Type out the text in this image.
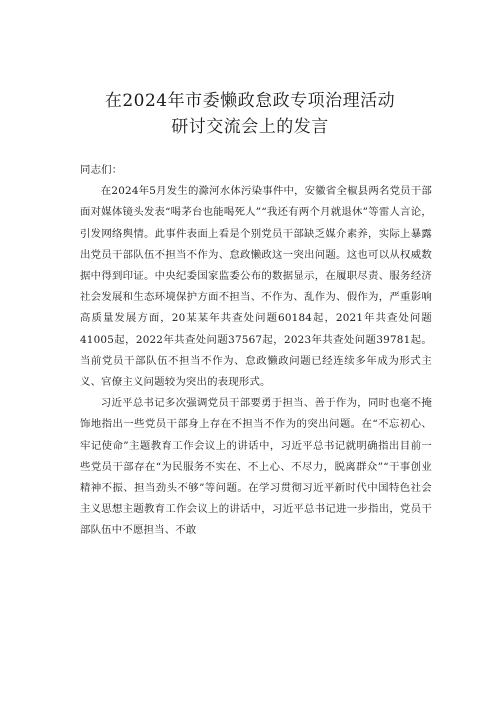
在2024年市委懒政怠政专项治理活动
研讨交流会上的发言

同志们：

在2024年5月发生的滁河水体污染事件中，安徽省全椒县两名党员干部面对媒体镜头发表“喝茅台也能喝死人”“我还有两个月就退休”等雷人言论，引发网络舆情。此事件表面上看是个别党员干部缺乏媒介素养，实际上暴露出党员干部队伍不担当不作为、怠政懒政这一突出问题。这也可以从权威数据中得到印证。中央纪委国家监委公布的数据显示，在履职尽责、服务经济社会发展和生态环境保护方面不担当、不作为、乱作为、假作为，严重影响高质量发展方面，20某某年共查处问题60184起，2021年共查处问题41005起，2022年共查处问题37567起，2023年共查处问题39781起。当前党员干部队伍不担当不作为、怠政懒政问题已经连续多年成为形式主义、官僚主义问题较为突出的表现形式。

习近平总书记多次强调党员干部要勇于担当、善于作为，同时也毫不掩饰地指出一些党员干部身上存在不担当不作为的突出问题。在“不忘初心、牢记使命”主题教育工作会议上的讲话中，习近平总书记就明确指出目前一些党员干部存在“为民服务不实在、不上心、不尽力，脱离群众”“干事创业精神不振、担当劲头不够”等问题。在学习贯彻习近平新时代中国特色社会主义思想主题教育工作会议上的讲话中，习近平总书记进一步指出，党员干部队伍中不愿担当、不敢
